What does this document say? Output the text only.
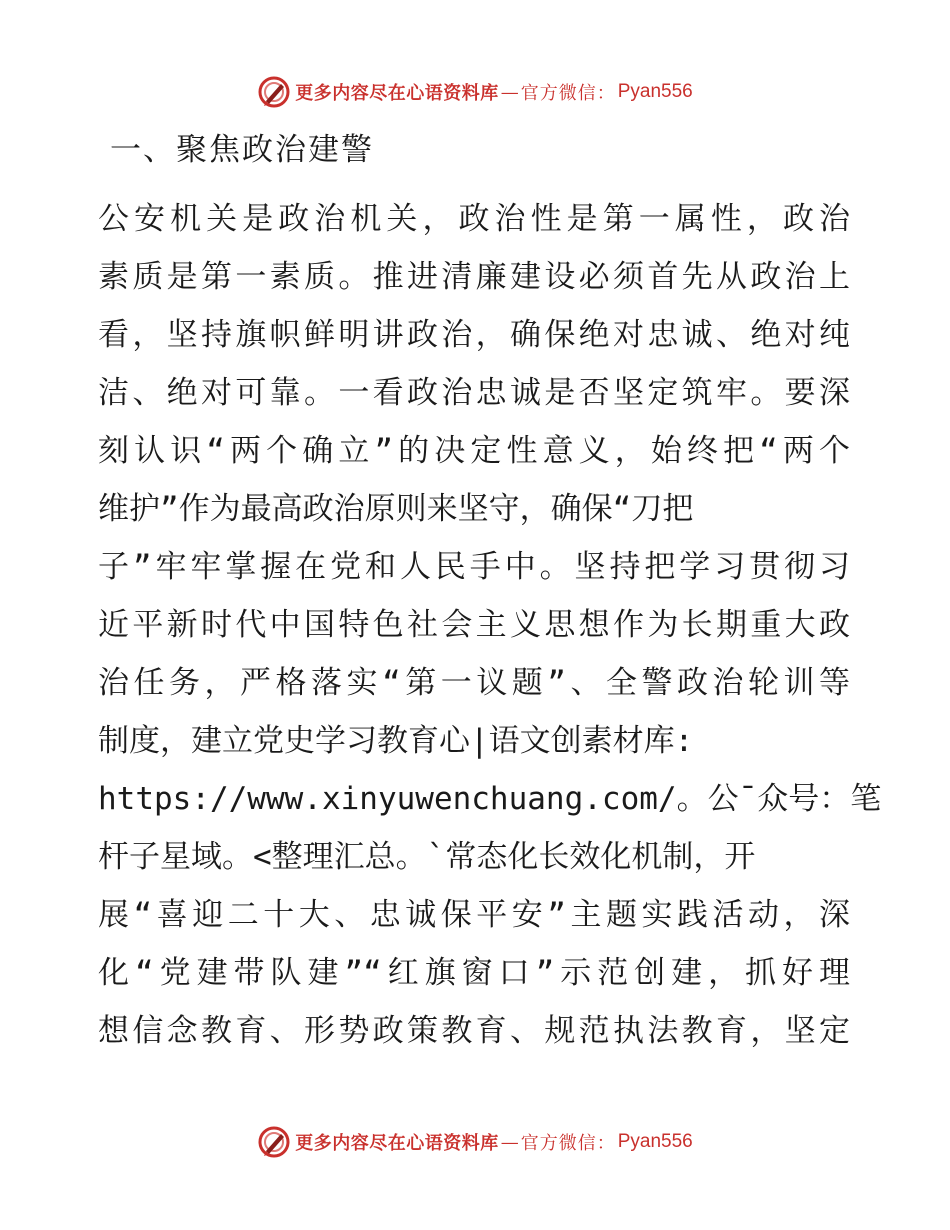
更多内容尽在心语资料库 — 官方微信： Pyan556
一、聚焦政治建警
公安机关是政治机关，政治性是第一属性，政治
素质是第一素质。推进清廉建设必须首先从政治上
看，坚持旗帜鲜明讲政治，确保绝对忠诚、绝对纯
洁、绝对可靠。一看政治忠诚是否坚定筑牢。要深
刻认识“两个确立”的决定性意义，始终把“两个
维护”作为最高政治原则来坚守，确保“刀把
子”牢牢掌握在党和人民手中。坚持把学习贯彻习
近平新时代中国特色社会主义思想作为长期重大政
治任务，严格落实“第一议题”、全警政治轮训等
制度，建立党史学习教育心|语文创素材库:
https://www.xinyuwenchuang.com/。公¯众号：笔
杆子星域。<整理汇总。`常态化长效化机制，开
展“喜迎二十大、忠诚保平安”主题实践活动，深
化“党建带队建”“红旗窗口”示范创建，抓好理
想信念教育、形势政策教育、规范执法教育，坚定
更多内容尽在心语资料库 — 官方微信： Pyan556
